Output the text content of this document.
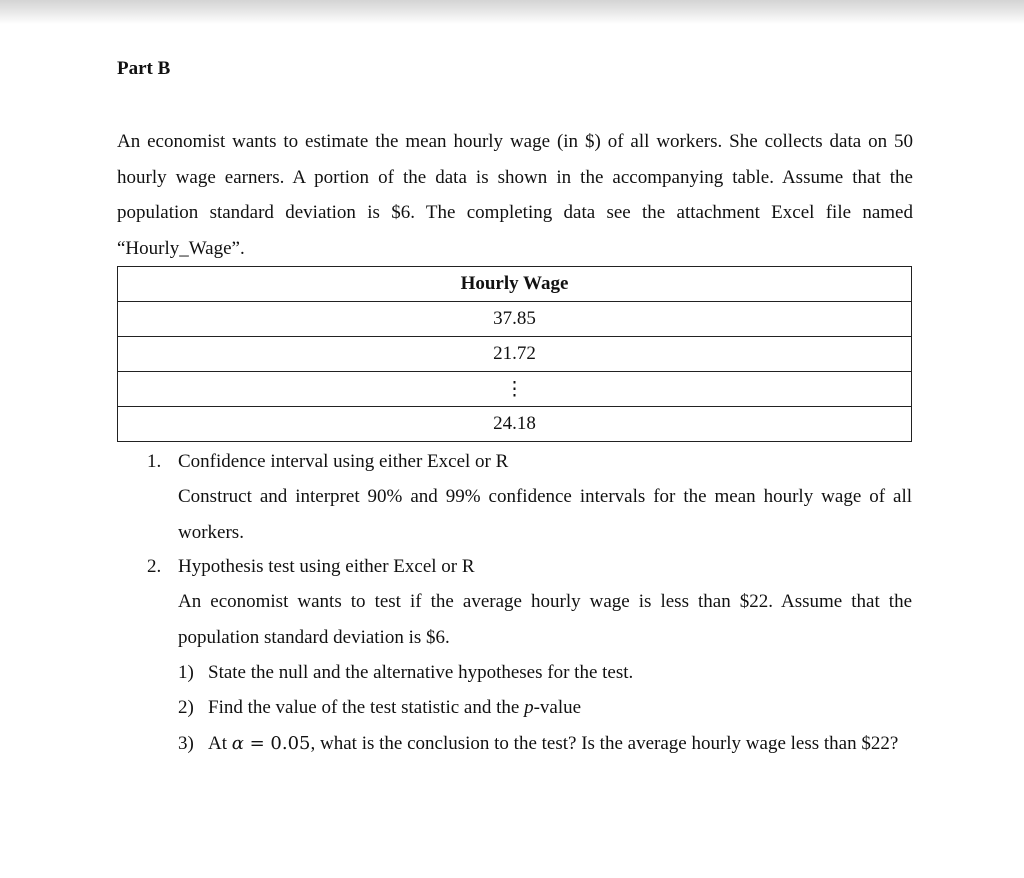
Part B
An economist wants to estimate the mean hourly wage (in $) of all workers. She collects data on 50 hourly wage earners. A portion of the data is shown in the accompanying table. Assume that the population standard deviation is $6. The completing data see the attachment Excel file named “Hourly_Wage”.
Hourly Wage
37.85
21.72
⋮
24.18
1. Confidence interval using either Excel or R
Construct and interpret 90% and 99% confidence intervals for the mean hourly wage of all workers.
2. Hypothesis test using either Excel or R
An economist wants to test if the average hourly wage is less than $22. Assume that the population standard deviation is $6.
1) State the null and the alternative hypotheses for the test.
2) Find the value of the test statistic and the p-value
3) At α = 0.05, what is the conclusion to the test? Is the average hourly wage less than $22?
